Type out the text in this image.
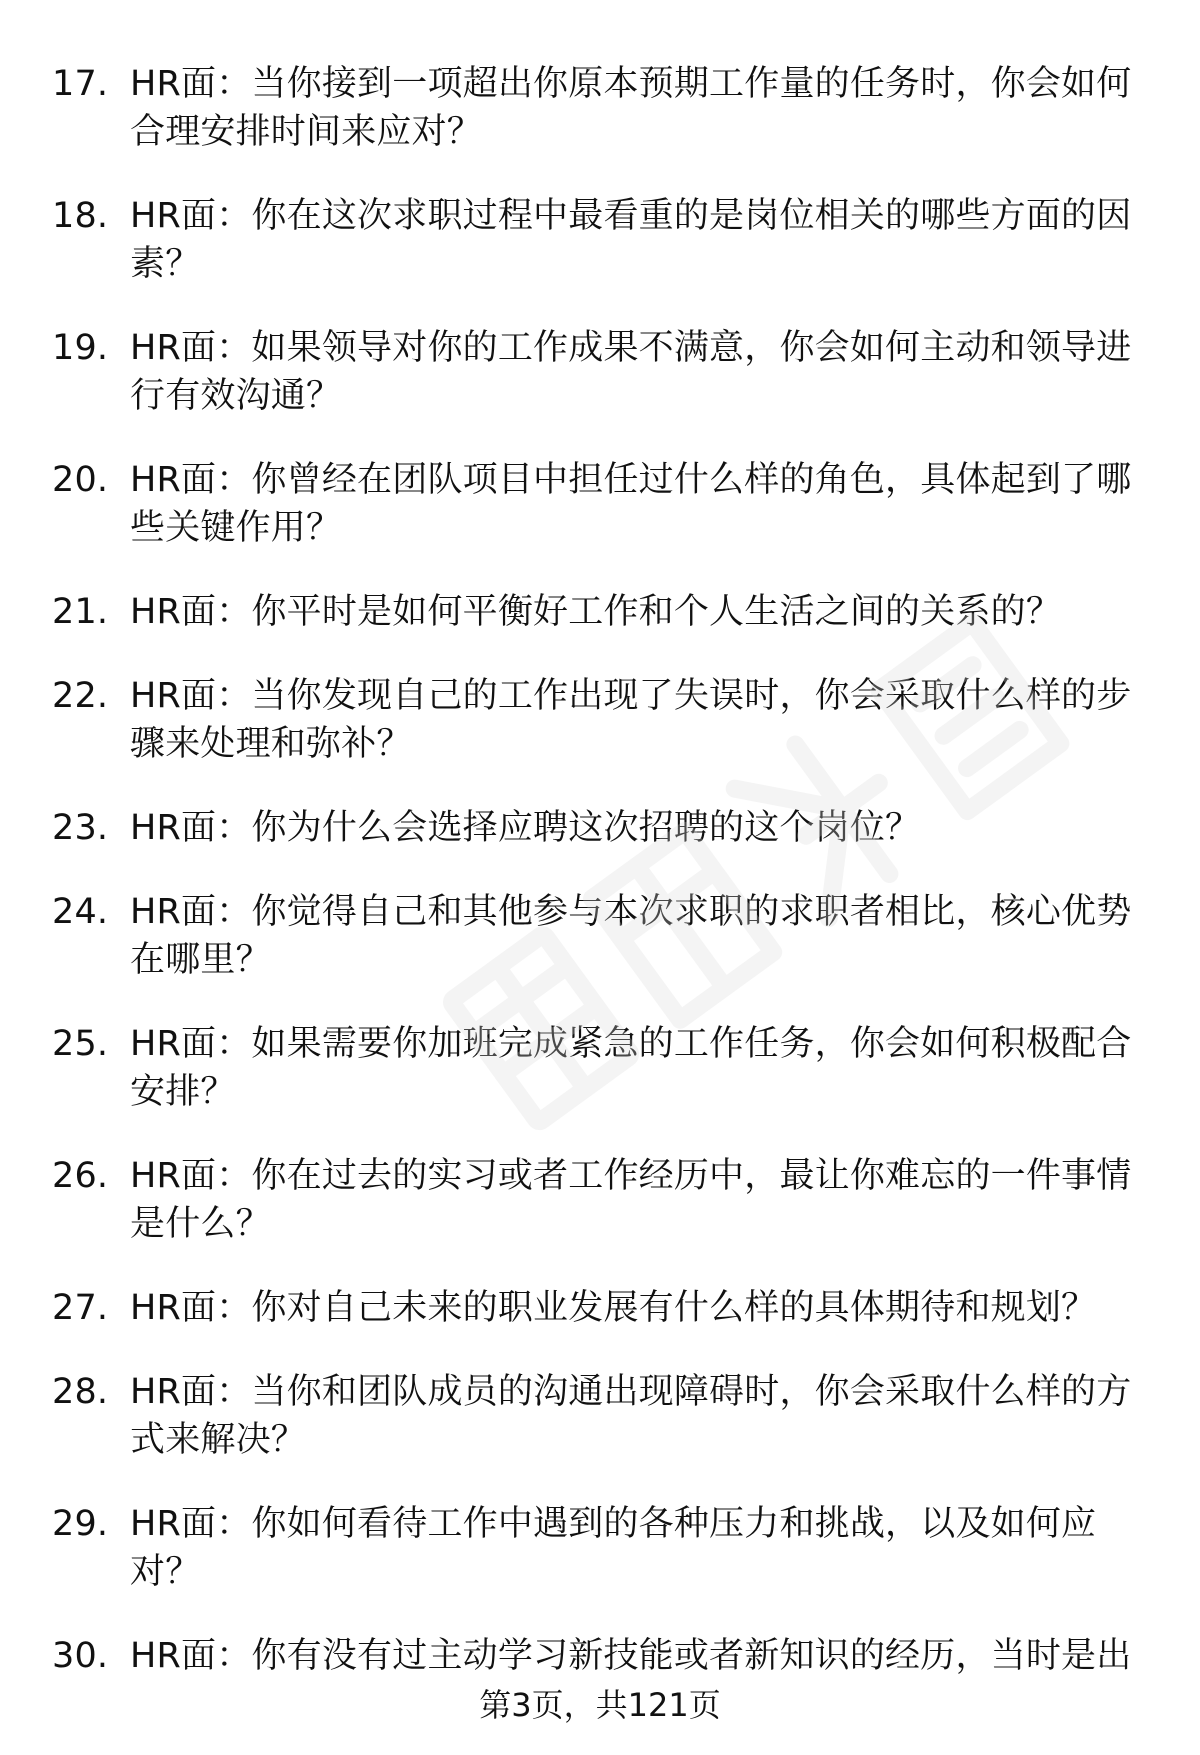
17. HR面：当你接到一项超出你原本预期工作量的任务时，你会如何合理安排时间来应对？
18. HR面：你在这次求职过程中最看重的是岗位相关的哪些方面的因素？
19. HR面：如果领导对你的工作成果不满意，你会如何主动和领导进行有效沟通？
20. HR面：你曾经在团队项目中担任过什么样的角色，具体起到了哪些关键作用？
21. HR面：你平时是如何平衡好工作和个人生活之间的关系的？
22. HR面：当你发现自己的工作出现了失误时，你会采取什么样的步骤来处理和弥补？
23. HR面：你为什么会选择应聘这次招聘的这个岗位？
24. HR面：你觉得自己和其他参与本次求职的求职者相比，核心优势在哪里？
25. HR面：如果需要你加班完成紧急的工作任务，你会如何积极配合安排？
26. HR面：你在过去的实习或者工作经历中，最让你难忘的一件事情是什么？
27. HR面：你对自己未来的职业发展有什么样的具体期待和规划？
28. HR面：当你和团队成员的沟通出现障碍时，你会采取什么样的方式来解决？
29. HR面：你如何看待工作中遇到的各种压力和挑战，以及如何应对？
30. HR面：你有没有过主动学习新技能或者新知识的经历，当时是出
第3页，共121页
